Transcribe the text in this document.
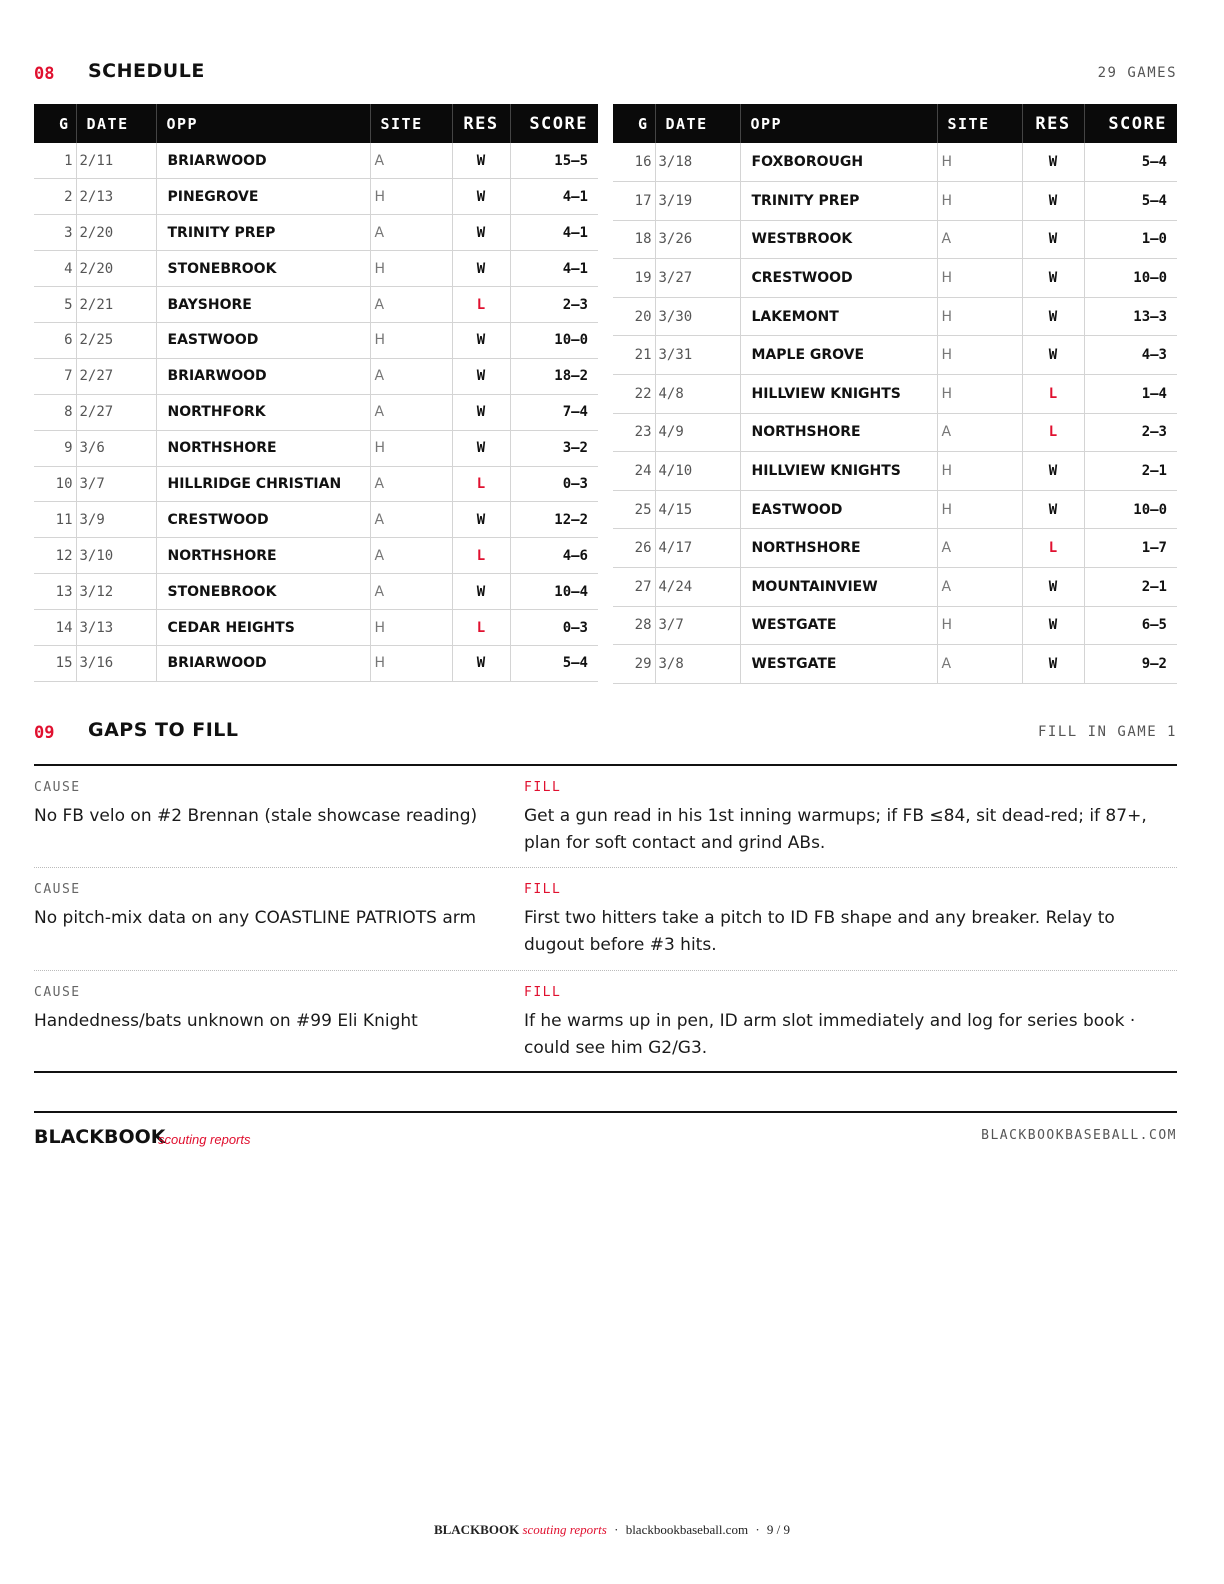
08 SCHEDULE	29 GAMES
G	DATE	OPP	SITE	RES	SCORE
1	2/11	BRIARWOOD	A	W	15–5
2	2/13	PINEGROVE	H	W	4–1
3	2/20	TRINITY PREP	A	W	4–1
4	2/20	STONEBROOK	H	W	4–1
5	2/21	BAYSHORE	A	L	2–3
6	2/25	EASTWOOD	H	W	10–0
7	2/27	BRIARWOOD	A	W	18–2
8	2/27	NORTHFORK	A	W	7–4
9	3/6	NORTHSHORE	H	W	3–2
10	3/7	HILLRIDGE CHRISTIAN	A	L	0–3
11	3/9	CRESTWOOD	A	W	12–2
12	3/10	NORTHSHORE	A	L	4–6
13	3/12	STONEBROOK	A	W	10–4
14	3/13	CEDAR HEIGHTS	H	L	0–3
15	3/16	BRIARWOOD	H	W	5–4
G	DATE	OPP	SITE	RES	SCORE
16	3/18	FOXBOROUGH	H	W	5–4
17	3/19	TRINITY PREP	H	W	5–4
18	3/26	WESTBROOK	A	W	1–0
19	3/27	CRESTWOOD	H	W	10–0
20	3/30	LAKEMONT	H	W	13–3
21	3/31	MAPLE GROVE	H	W	4–3
22	4/8	HILLVIEW KNIGHTS	H	L	1–4
23	4/9	NORTHSHORE	A	L	2–3
24	4/10	HILLVIEW KNIGHTS	H	W	2–1
25	4/15	EASTWOOD	H	W	10–0
26	4/17	NORTHSHORE	A	L	1–7
27	4/24	MOUNTAINVIEW	A	W	2–1
28	3/7	WESTGATE	H	W	6–5
29	3/8	WESTGATE	A	W	9–2
09 GAPS TO FILL	FILL IN GAME 1
CAUSE
No FB velo on #2 Brennan (stale showcase reading)
FILL
Get a gun read in his 1st inning warmups; if FB ≤84, sit dead-red; if 87+, plan for soft contact and grind ABs.
CAUSE
No pitch-mix data on any COASTLINE PATRIOTS arm
FILL
First two hitters take a pitch to ID FB shape and any breaker. Relay to dugout before #3 hits.
CAUSE
Handedness/bats unknown on #99 Eli Knight
FILL
If he warms up in pen, ID arm slot immediately and log for series book · could see him G2/G3.
BLACKBOOK
scouting reports	BLACKBOOKBASEBALL.COM
BLACKBOOK scouting reports · blackbookbaseball.com · 9 / 9
